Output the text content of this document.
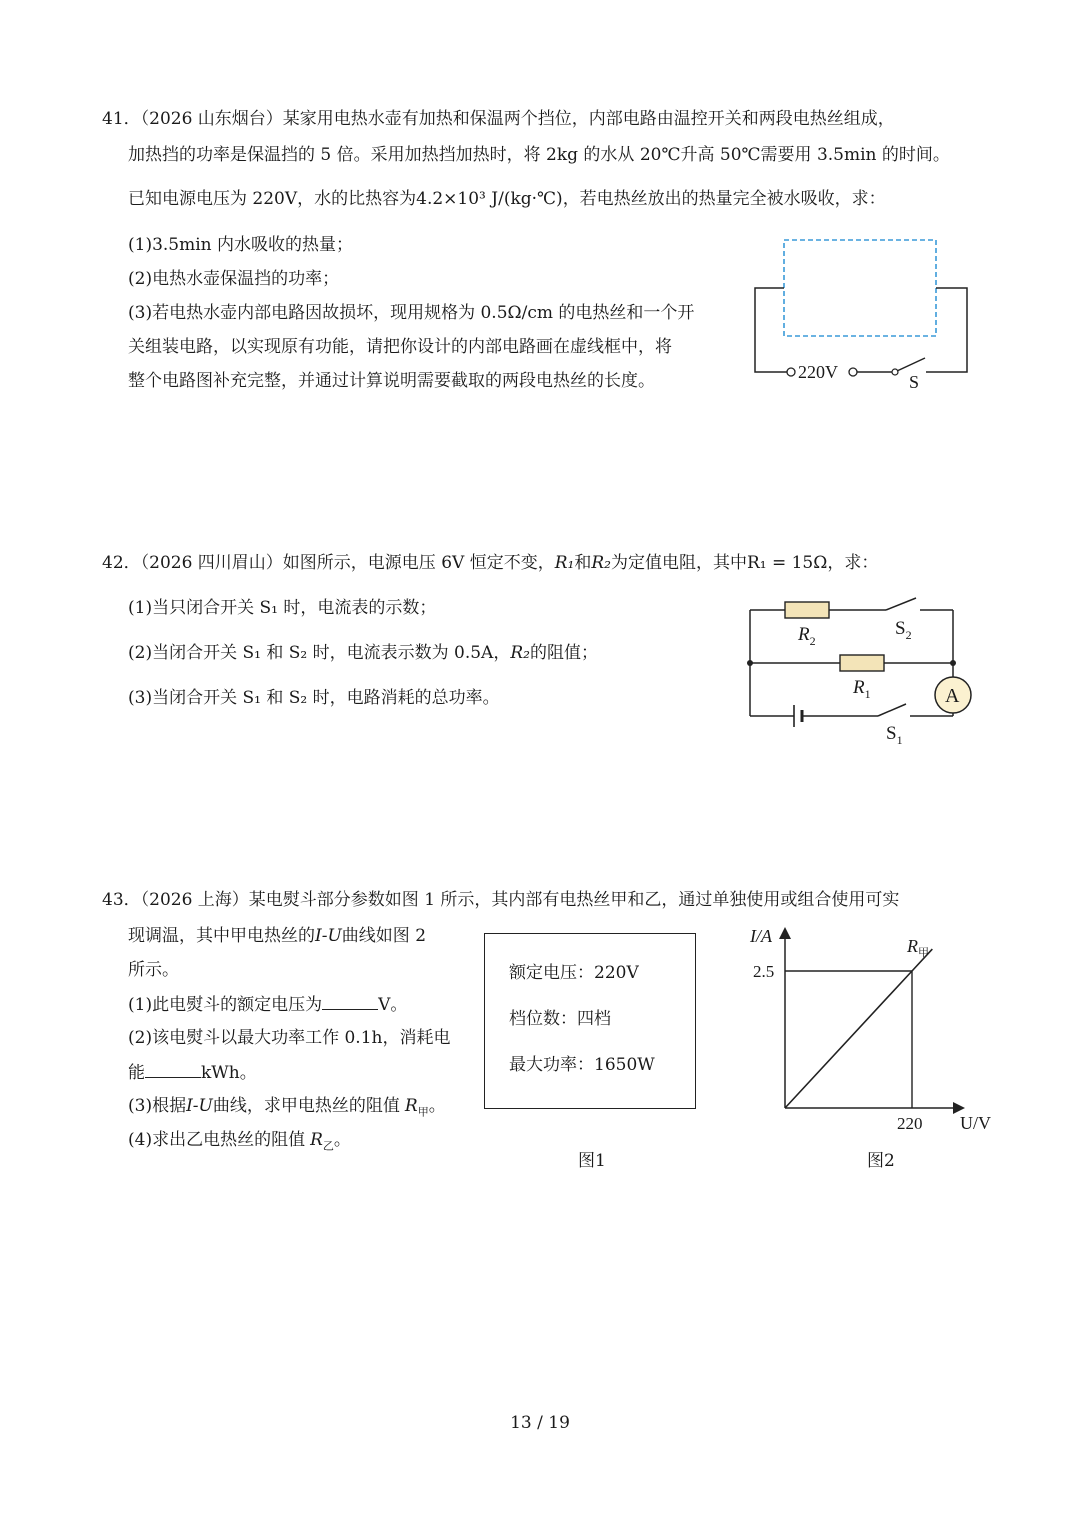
41．（2026 山东烟台）某家用电热水壶有加热和保温两个挡位，内部电路由温控开关和两段电热丝组成，
加热挡的功率是保温挡的 5 倍。采用加热挡加热时，将 2kg 的水从 20℃升高 50℃需要用 3.5min 的时间。
已知电源电压为 220V，水的比热容为4.2×10³ J/(kg·℃)，若电热丝放出的热量完全被水吸收，求：
(1)3.5min 内水吸收的热量；
(2)电热水壶保温挡的功率；
(3)若电热水壶内部电路因故损坏，现用规格为 0.5Ω/cm 的电热丝和一个开
关组装电路，以实现原有功能，请把你设计的内部电路画在虚线框中，将
整个电路图补充完整，并通过计算说明需要截取的两段电热丝的长度。	220V	S
42．（2026 四川眉山）如图所示，电源电压 6V 恒定不变，R₁和R₂为定值电阻，其中R₁ = 15Ω，求：
(1)当只闭合开关 S₁ 时，电流表的示数；
(2)当闭合开关 S₁ 和 S₂ 时，电流表示数为 0.5A，R₂的阻值；
(3)当闭合开关 S₁ 和 S₂ 时，电路消耗的总功率。
$R_2$
$S_2$
$R_1$	A
$S_1$
43．（2026 上海）某电熨斗部分参数如图 1 所示，其内部有电热丝甲和乙，通过单独使用或组合使用可实
现调温，其中甲电热丝的I-U曲线如图 2
所示。
(1)此电熨斗的额定电压为	V。
(2)该电熨斗以最大功率工作 0.1h，消耗电
能	kWh。
(3)根据I-U曲线，求甲电热丝的阻值 $R_甲$。
(4)求出乙电热丝的阻值 $R_乙$。
额定电压：220V
档位数：四档
最大功率：1650W
图1
I/A
U/V
2.5
220
$R_甲$
图2
13 / 19
